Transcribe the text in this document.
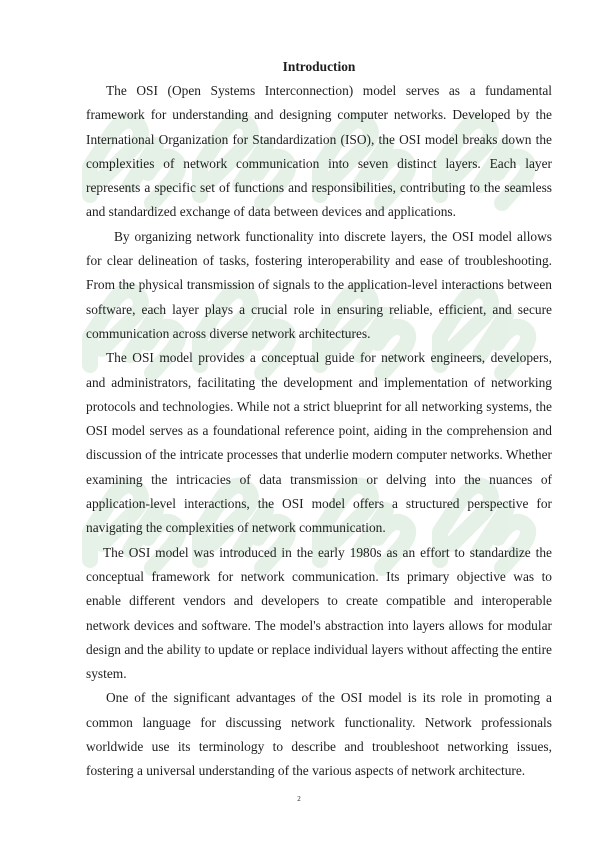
Introduction

The OSI (Open Systems Interconnection) model serves as a fundamental framework for understanding and designing computer networks. Developed by the International Organization for Standardization (ISO), the OSI model breaks down the complexities of network communication into seven distinct layers. Each layer represents a specific set of functions and responsibilities, contributing to the seamless and standardized exchange of data between devices and applications.

By organizing network functionality into discrete layers, the OSI model allows for clear delineation of tasks, fostering interoperability and ease of troubleshooting. From the physical transmission of signals to the application-level interactions between software, each layer plays a crucial role in ensuring reliable, efficient, and secure communication across diverse network architectures.

The OSI model provides a conceptual guide for network engineers, developers, and administrators, facilitating the development and implementation of networking protocols and technologies. While not a strict blueprint for all networking systems, the OSI model serves as a foundational reference point, aiding in the comprehension and discussion of the intricate processes that underlie modern computer networks. Whether examining the intricacies of data transmission or delving into the nuances of application-level interactions, the OSI model offers a structured perspective for navigating the complexities of network communication.

The OSI model was introduced in the early 1980s as an effort to standardize the conceptual framework for network communication. Its primary objective was to enable different vendors and developers to create compatible and interoperable network devices and software. The model's abstraction into layers allows for modular design and the ability to update or replace individual layers without affecting the entire system.

One of the significant advantages of the OSI model is its role in promoting a common language for discussing network functionality. Network professionals worldwide use its terminology to describe and troubleshoot networking issues, fostering a universal understanding of the various aspects of network architecture.

2
